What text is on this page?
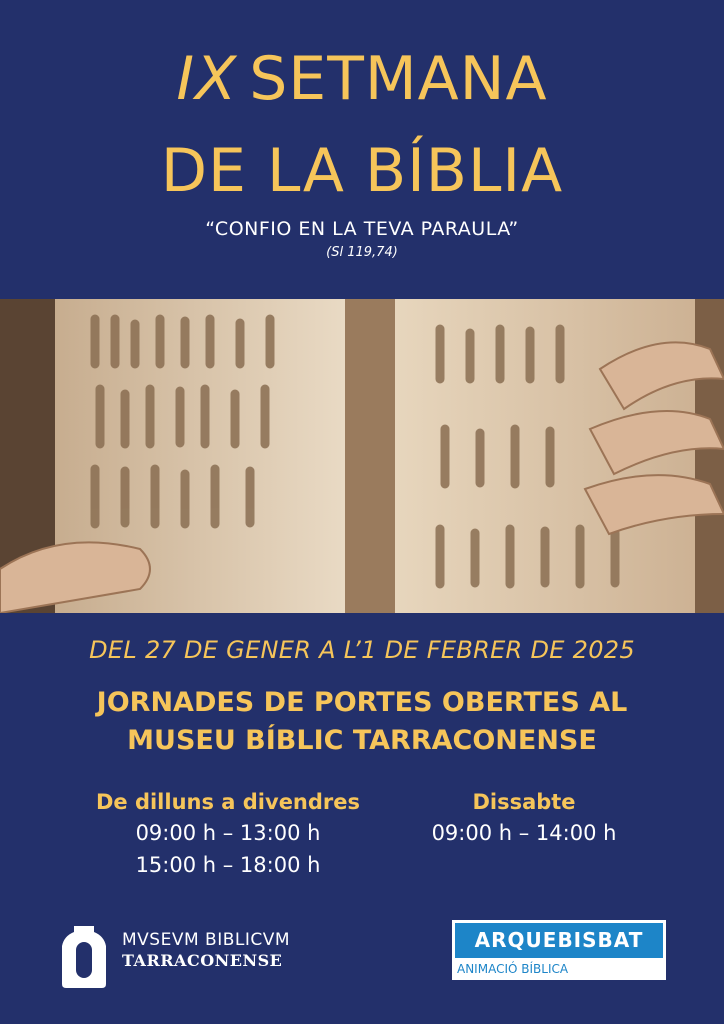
IX SETMANA
DE LA BÍBLIA
“CONFIO EN LA TEVA PARAULA”
(Sl 119,74)
DEL 27 DE GENER A L’1 DE FEBRER DE 2025
JORNADES DE PORTES OBERTES AL
MUSEU BÍBLIC TARRACONENSE
De dilluns a divendres
09:00 h – 13:00 h
15:00 h – 18:00 h
Dissabte
09:00 h – 14:00 h
MVSEVM BIBLICVM
TARRACONENSE
ARQUEBISBAT
ANIMACIÓ BÍBLICA
